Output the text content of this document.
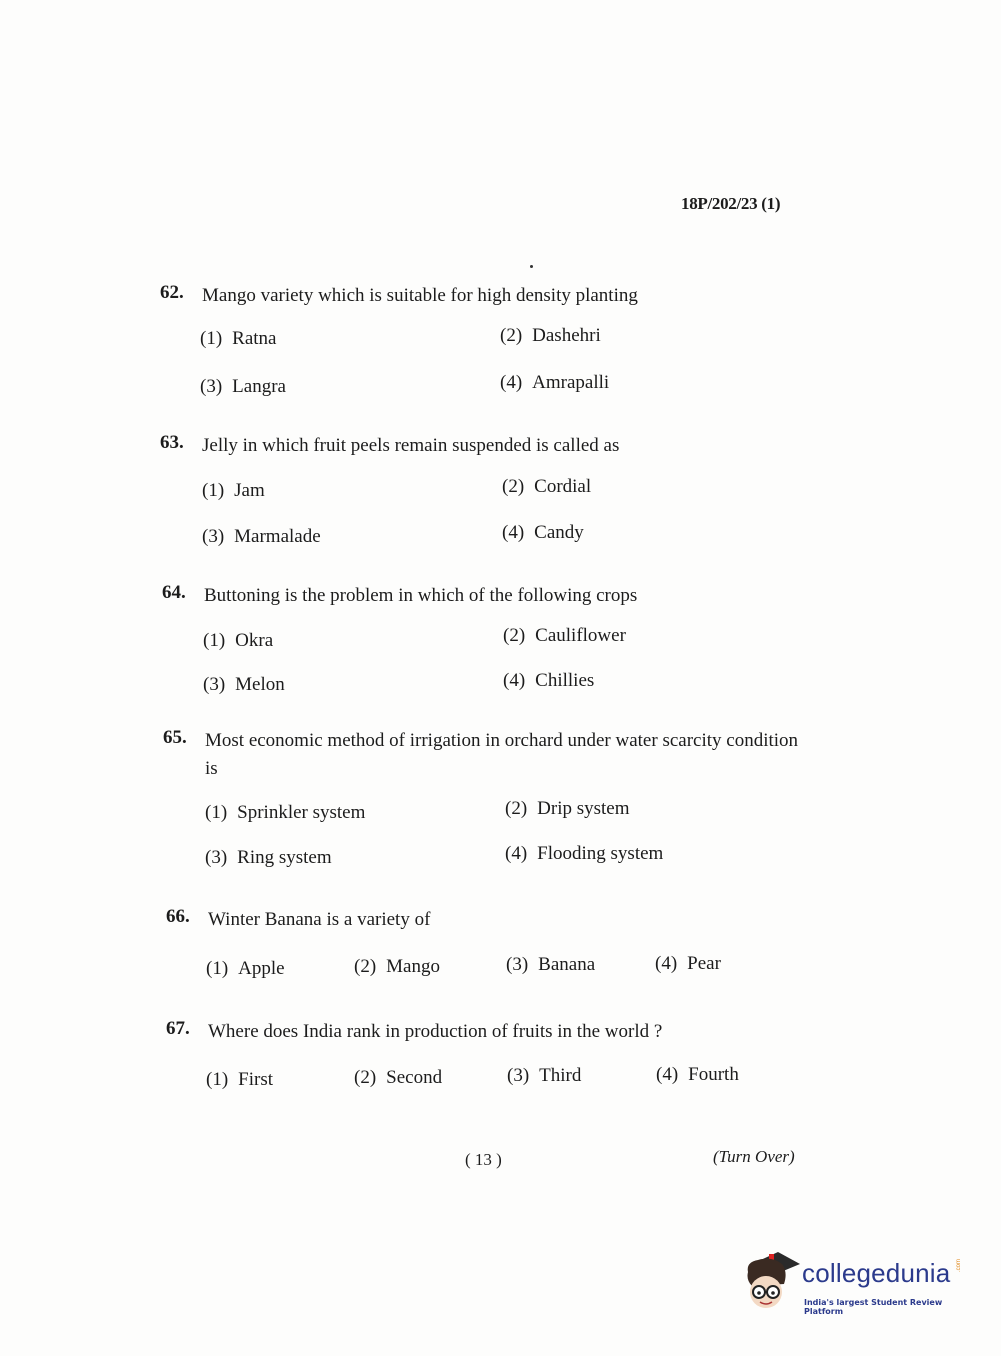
18P/202/23 (1)
62. Mango variety which is suitable for high density planting
(1) Ratna	(2) Dashehri
(3) Langra	(4) Amrapalli
63. Jelly in which fruit peels remain suspended is called as
(1) Jam	(2) Cordial
(3) Marmalade	(4) Candy
64. Buttoning is the problem in which of the following crops
(1) Okra	(2) Cauliflower
(3) Melon	(4) Chillies
65. Most economic method of irrigation in orchard under water scarcity condition is
(1) Sprinkler system	(2) Drip system
(3) Ring system	(4) Flooding system
66. Winter Banana is a variety of
(1) Apple	(2) Mango	(3) Banana	(4) Pear
67. Where does India rank in production of fruits in the world ?
(1) First	(2) Second	(3) Third	(4) Fourth
( 13 )	(Turn Over)
collegedunia .com
India's largest Student Review Platform
